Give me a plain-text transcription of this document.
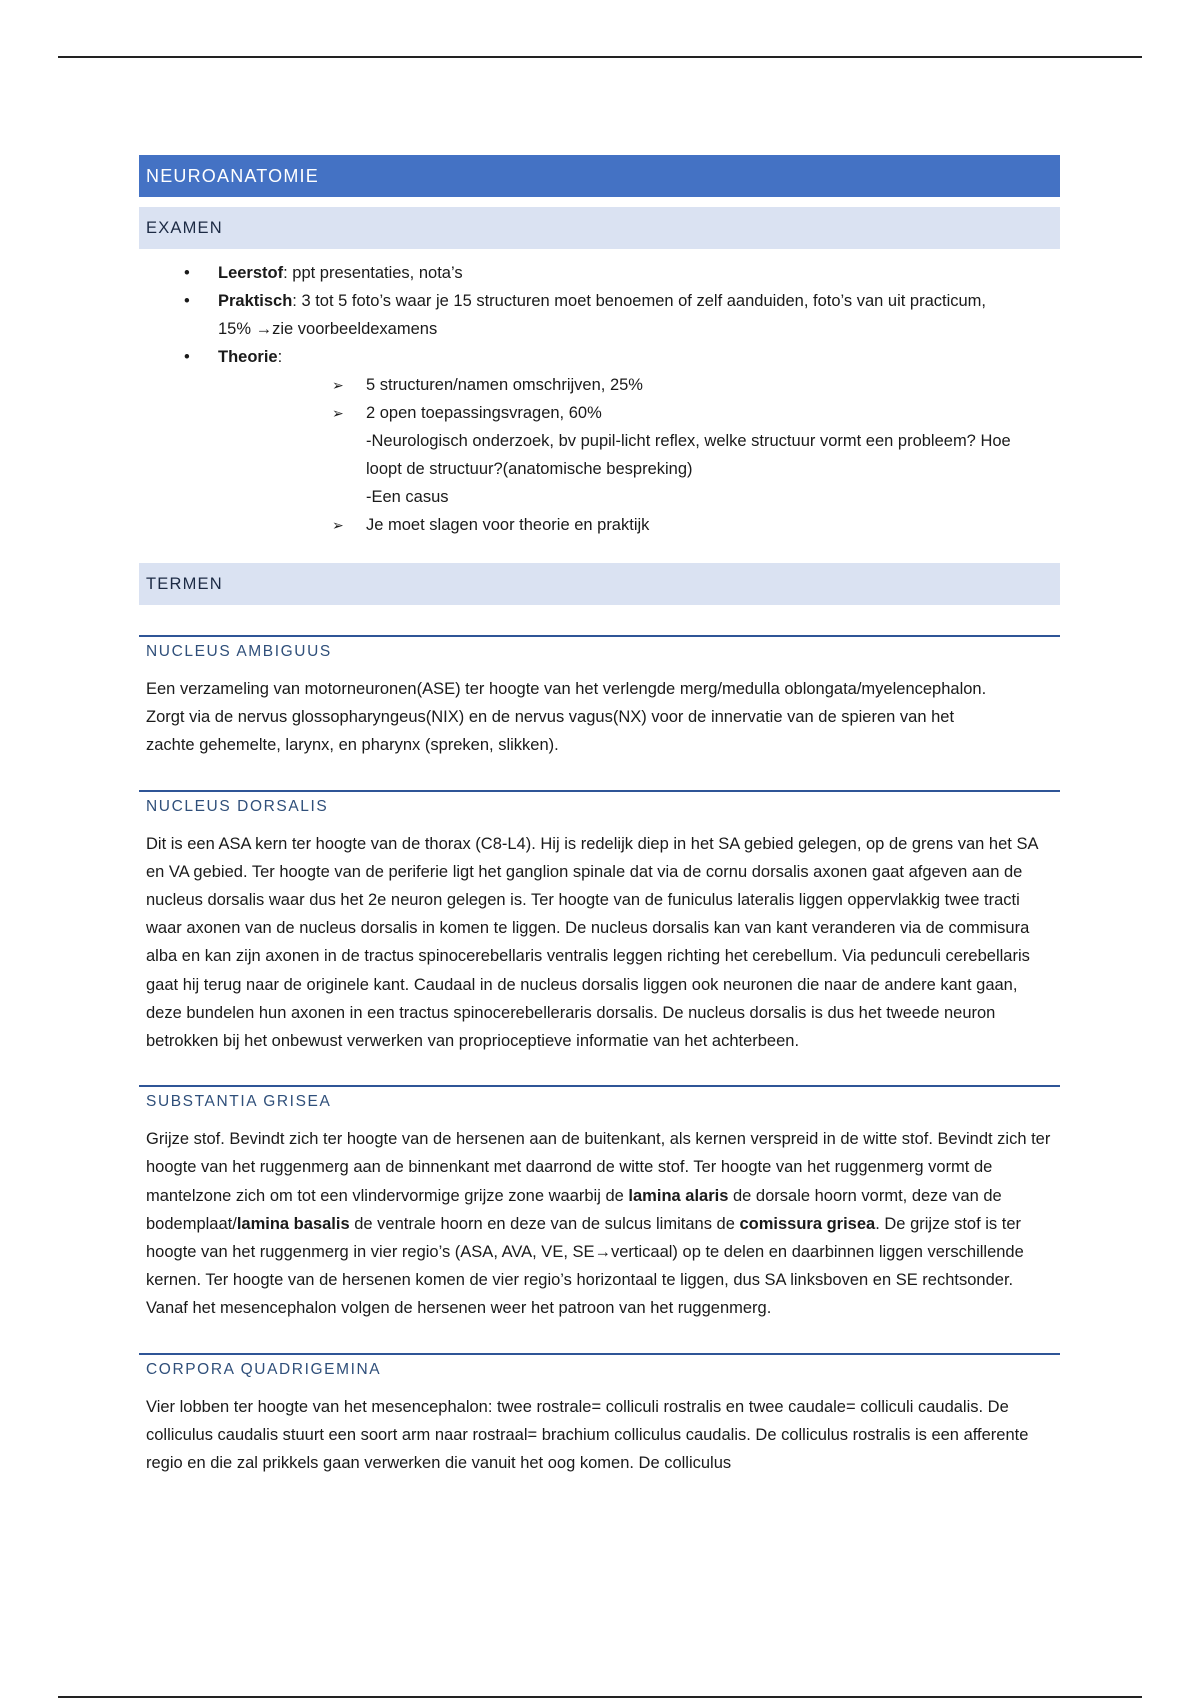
NEUROANATOMIE
EXAMEN
• Leerstof: ppt presentaties, nota’s
• Praktisch: 3 tot 5 foto’s waar je 15 structuren moet benoemen of zelf aanduiden, foto’s van uit practicum, 15% →zie voorbeeldexamens
• Theorie:
➢	5 structuren/namen omschrijven, 25%
➢	2 open toepassingsvragen, 60%
-Neurologisch onderzoek, bv pupil-licht reflex, welke structuur vormt een probleem? Hoe loopt de structuur?(anatomische bespreking)
-Een casus
➢	Je moet slagen voor theorie en praktijk
TERMEN
NUCLEUS AMBIGUUS

Een verzameling van motorneuronen(ASE) ter hoogte van het verlengde merg/medulla oblongata/myelencephalon. Zorgt via de nervus glossopharyngeus(NIX) en de nervus vagus(NX) voor de innervatie van de spieren van het zachte gehemelte, larynx, en pharynx (spreken, slikken).

NUCLEUS DORSALIS

Dit is een ASA kern ter hoogte van de thorax (C8-L4). Hij is redelijk diep in het SA gebied gelegen, op de grens van het SA en VA gebied. Ter hoogte van de periferie ligt het ganglion spinale dat via de cornu dorsalis axonen gaat afgeven aan de nucleus dorsalis waar dus het 2e neuron gelegen is. Ter hoogte van de funiculus lateralis liggen oppervlakkig twee tracti waar axonen van de nucleus dorsalis in komen te liggen. De nucleus dorsalis kan van kant veranderen via de commisura alba en kan zijn axonen in de tractus spinocerebellaris ventralis leggen richting het cerebellum. Via pedunculi cerebellaris gaat hij terug naar de originele kant. Caudaal in de nucleus dorsalis liggen ook neuronen die naar de andere kant gaan, deze bundelen hun axonen in een tractus spinocerebelleraris dorsalis. De nucleus dorsalis is dus het tweede neuron betrokken bij het onbewust verwerken van proprioceptieve informatie van het achterbeen.

SUBSTANTIA GRISEA

Grijze stof. Bevindt zich ter hoogte van de hersenen aan de buitenkant, als kernen verspreid in de witte stof. Bevindt zich ter hoogte van het ruggenmerg aan de binnenkant met daarrond de witte stof. Ter hoogte van het ruggenmerg vormt de mantelzone zich om tot een vlindervormige grijze zone waarbij de lamina alaris de dorsale hoorn vormt, deze van de bodemplaat/lamina basalis de ventrale hoorn en deze van de sulcus limitans de comissura grisea. De grijze stof is ter hoogte van het ruggenmerg in vier regio’s (ASA, AVA, VE, SE→verticaal) op te delen en daarbinnen liggen verschillende kernen. Ter hoogte van de hersenen komen de vier regio’s horizontaal te liggen, dus SA linksboven en SE rechtsonder. Vanaf het mesencephalon volgen de hersenen weer het patroon van het ruggenmerg.

CORPORA QUADRIGEMINA

Vier lobben ter hoogte van het mesencephalon: twee rostrale= colliculi rostralis en twee caudale= colliculi caudalis. De colliculus caudalis stuurt een soort arm naar rostraal= brachium colliculus caudalis. De colliculus rostralis is een afferente regio en die zal prikkels gaan verwerken die vanuit het oog komen. De colliculus
